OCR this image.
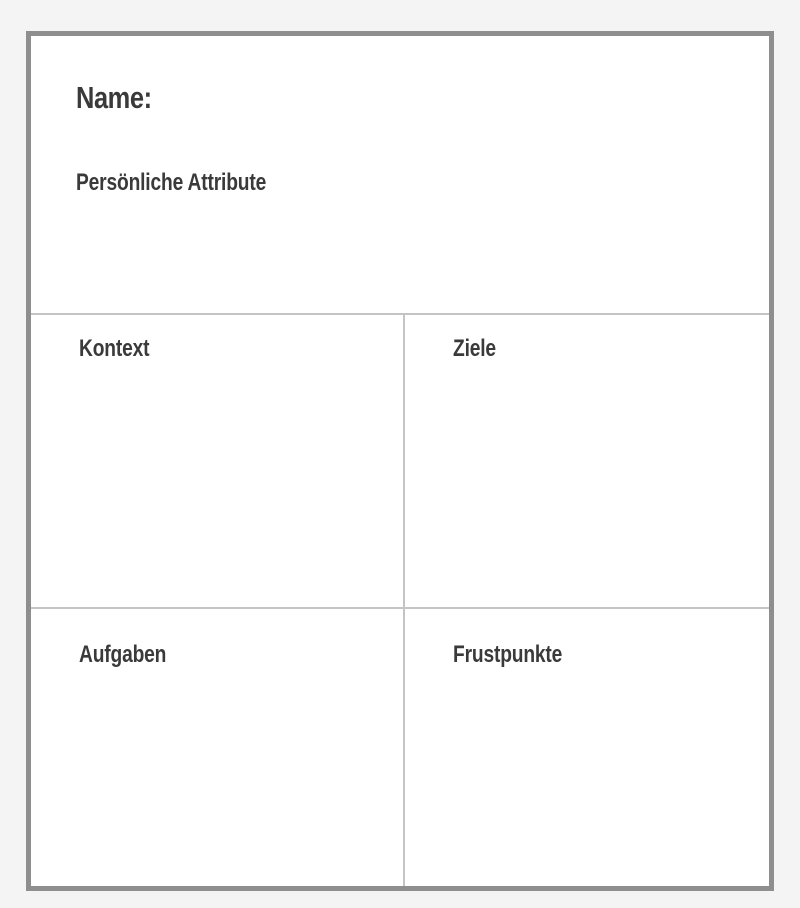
Name:
Persönliche Attribute
Kontext	Ziele
Aufgaben	Frustpunkte
